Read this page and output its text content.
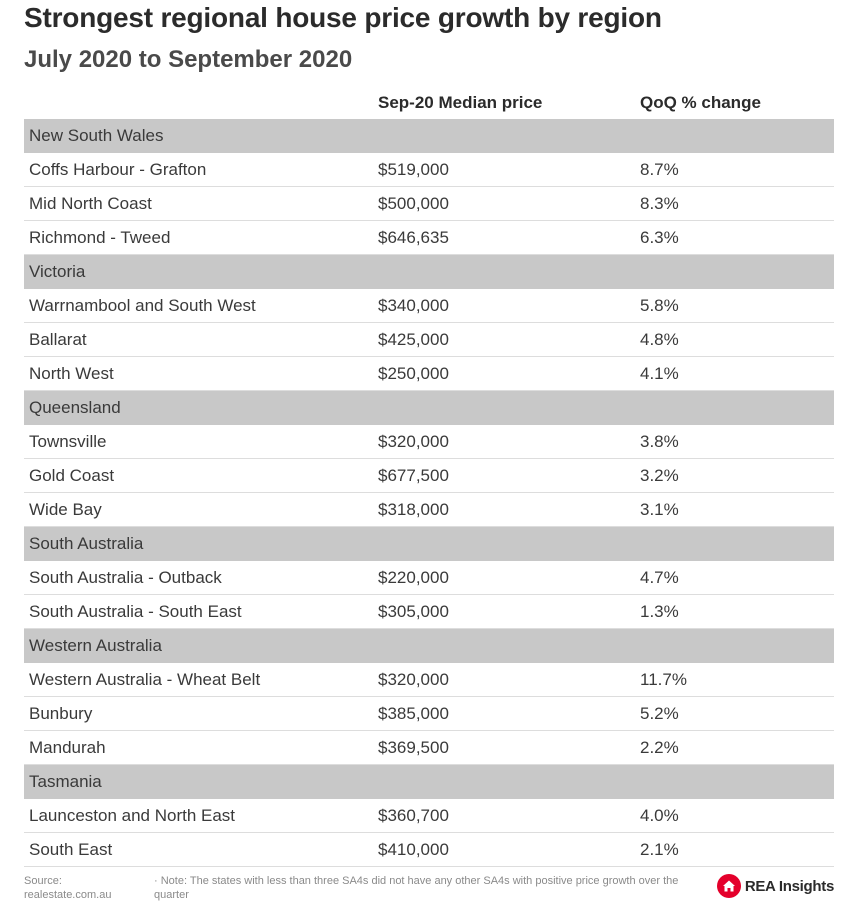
Strongest regional house price growth by region
July 2020 to September 2020
Sep-20 Median price	QoQ % change
New South Wales
Coffs Harbour - Grafton	$519,000	8.7%
Mid North Coast	$500,000	8.3%
Richmond - Tweed	$646,635	6.3%
Victoria
Warrnambool and South West	$340,000	5.8%
Ballarat	$425,000	4.8%
North West	$250,000	4.1%
Queensland
Townsville	$320,000	3.8%
Gold Coast	$677,500	3.2%
Wide Bay	$318,000	3.1%
South Australia
South Australia - Outback	$220,000	4.7%
South Australia - South East	$305,000	1.3%
Western Australia
Western Australia - Wheat Belt	$320,000	11.7%
Bunbury	$385,000	5.2%
Mandurah	$369,500	2.2%
Tasmania
Launceston and North East	$360,700	4.0%
South East	$410,000	2.1%
Source: realestate.com.au
· Note: The states with less than three SA4s did not have any other SA4s with positive price growth over the quarter
REA Insights
